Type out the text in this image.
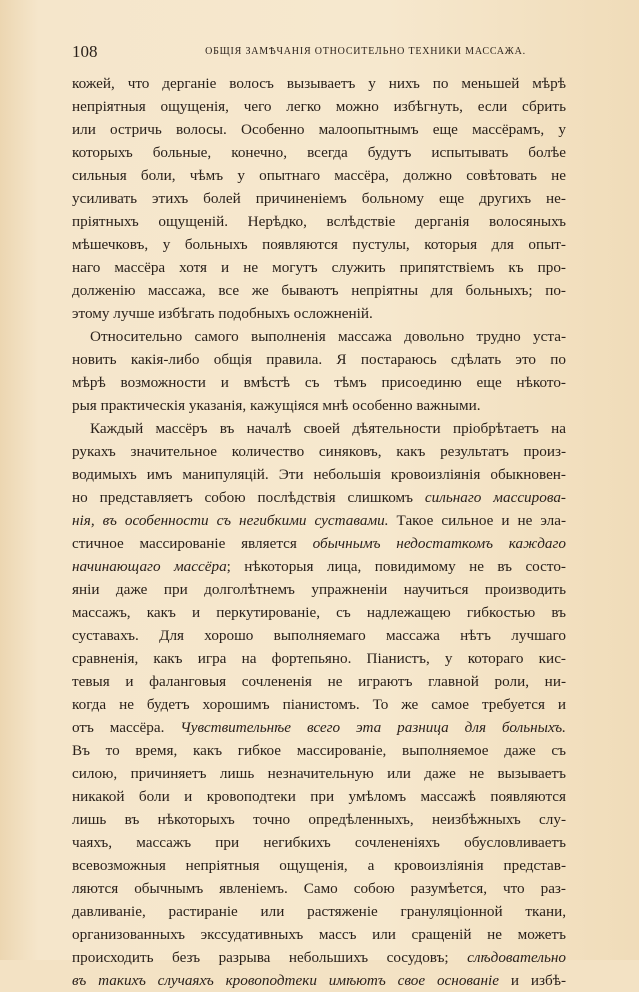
108	ОБЩІЯ ЗАМѢЧАНІЯ ОТНОСИТЕЛЬНО ТЕХНИКИ МАССАЖА.
кожей, что дерганіе волосъ вызываетъ у нихъ по меньшей мѣрѣ
непріятныя ощущенія, чего легко можно избѣгнуть, если сбрить
или остричь волосы. Особенно малоопытнымъ еще массёрамъ, у
которыхъ больные, конечно, всегда будутъ испытывать болѣе
сильныя боли, чѣмъ у опытнаго массёра, должно совѣтовать не
усиливать этихъ болей причиненіемъ больному еще другихъ не-
пріятныхъ ощущеній. Нерѣдко, вслѣдствіе дерганія волосяныхъ
мѣшечковъ, у больныхъ появляются пустулы, которыя для опыт-
наго массёра хотя и не могутъ служить припятствіемъ къ про-
долженію массажа, все же бываютъ непріятны для больныхъ; по-
этому лучше избѣгать подобныхъ осложненій.
Относительно самого выполненія массажа довольно трудно уста-
новить какія-либо общія правила. Я постараюсь сдѣлать это по
мѣрѣ возможности и вмѣстѣ съ тѣмъ присоединю еще нѣкото-
рыя практическія указанія, кажущіяся мнѣ особенно важными.
Каждый массёръ въ началѣ своей дѣятельности пріобрѣтаетъ на
рукахъ значительное количество синяковъ, какъ результатъ произ-
водимыхъ имъ манипуляцій. Эти небольшія кровоизліянія обыкновен-
но представляетъ собою послѣдствія слишкомъ сильнаго массирова-
нія, въ особенности съ негибкими суставами. Такое сильное и не эла-
стичное массированіе является обычнымъ недостаткомъ каждаго
начинающаго массёра; нѣкоторыя лица, повидимому не въ состо-
яніи даже при долголѣтнемъ упражненіи научиться производить
массажъ, какъ и перкутированіе, съ надлежащею гибкостью въ
суставахъ. Для хорошо выполняемаго массажа нѣтъ лучшаго
сравненія, какъ игра на фортепьяно. Піанистъ, у котораго кис-
тевыя и фаланговыя сочлененія не играютъ главной роли, ни-
когда не будетъ хорошимъ піанистомъ. То же самое требуется и
отъ массёра. Чувствительнѣе всего эта разница для больныхъ.
Въ то время, какъ гибкое массированіе, выполняемое даже съ
силою, причиняетъ лишь незначительную или даже не вызываетъ
никакой боли и кровоподтеки при умѣломъ массажѣ появляются
лишь въ нѣкоторыхъ точно опредѣленныхъ, неизбѣжныхъ слу-
чаяхъ, массажъ при негибкихъ сочлененіяхъ обусловливаетъ
всевозможныя непріятныя ощущенія, а кровоизліянія представ-
ляются обычнымъ явленіемъ. Само собою разумѣется, что раз-
давливаніе, растираніе или растяженіе грануляціонной ткани,
организованныхъ экссудативныхъ массъ или сращеній не можетъ
происходить безъ разрыва небольшихъ сосудовъ; слѣдовательно
въ такихъ случаяхъ кровоподтеки имѣютъ свое основаніе и избѣ-
